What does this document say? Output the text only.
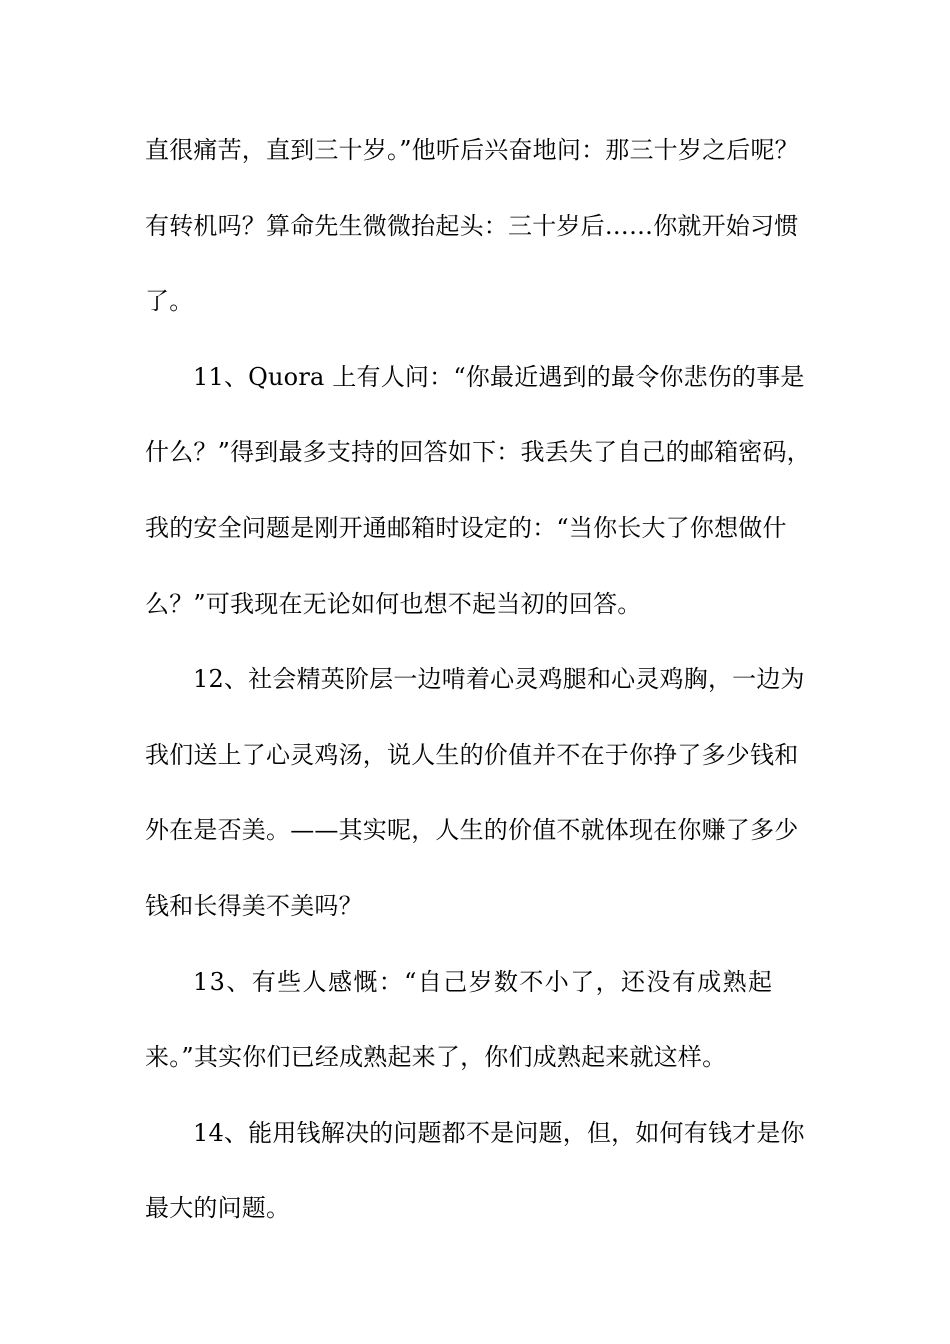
直很痛苦，直到三十岁。”他听后兴奋地问：那三十岁之后呢？
有转机吗？算命先生微微抬起头：三十岁后……你就开始习惯
了。
11、Quora 上有人问：“你最近遇到的最令你悲伤的事是
什么？”得到最多支持的回答如下：我丢失了自己的邮箱密码，
我的安全问题是刚开通邮箱时设定的：“当你长大了你想做什
么？”可我现在无论如何也想不起当初的回答。
12、社会精英阶层一边啃着心灵鸡腿和心灵鸡胸，一边为
我们送上了心灵鸡汤，说人生的价值并不在于你挣了多少钱和
外在是否美。——其实呢，人生的价值不就体现在你赚了多少
钱和长得美不美吗？
13、有些人感慨：“自己岁数不小了，还没有成熟起
来。”其实你们已经成熟起来了，你们成熟起来就这样。
14、能用钱解决的问题都不是问题，但，如何有钱才是你
最大的问题。
